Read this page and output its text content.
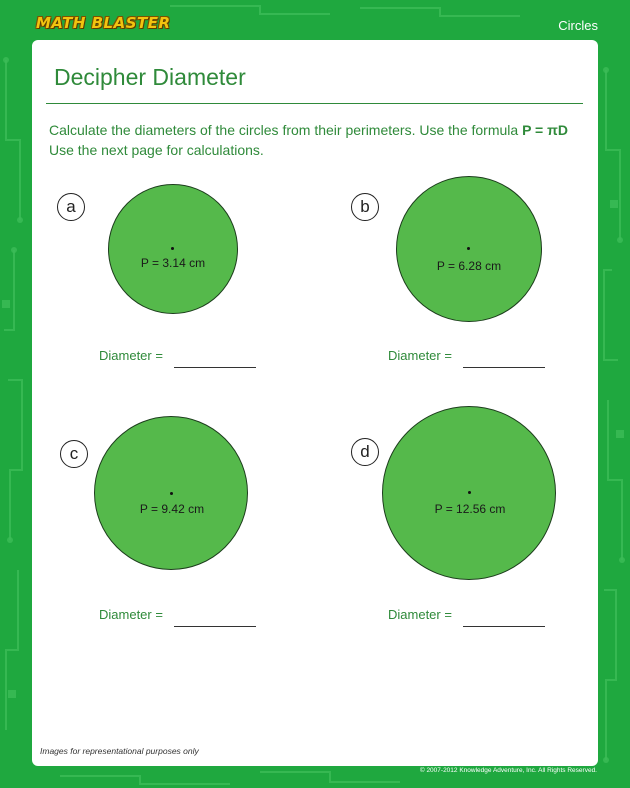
MATH BLASTER	Circles
Decipher Diameter
Calculate the diameters of the circles from their perimeters. Use the formula P = πD
Use the next page for calculations.
a
P = 3.14 cm
Diameter =
b
P = 6.28 cm
Diameter =
c
P = 9.42 cm
Diameter =
d
P = 12.56 cm
Diameter =
Images for representational purposes only
© 2007-2012 Knowledge Adventure, Inc. All Rights Reserved.
